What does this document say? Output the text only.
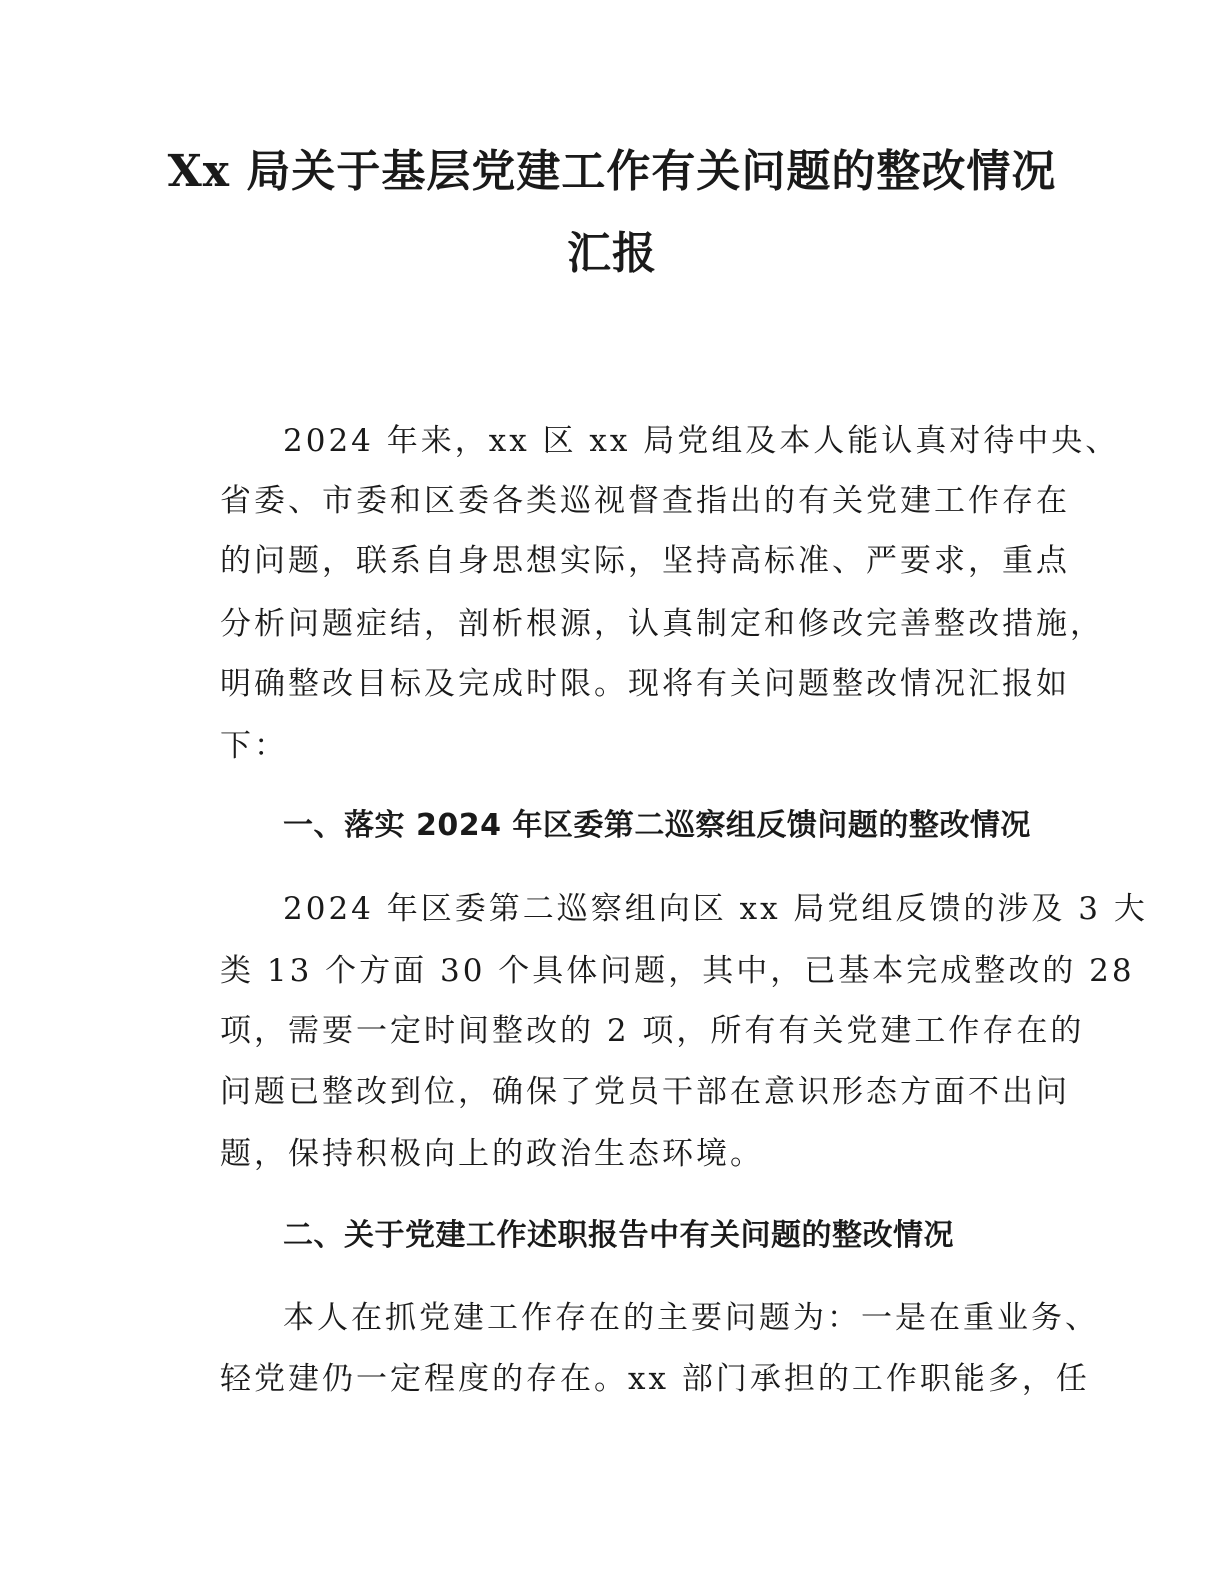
Xx 局关于基层党建工作有关问题的整改情况
汇报
2024 年来，xx 区 xx 局党组及本人能认真对待中央、
省委、市委和区委各类巡视督查指出的有关党建工作存在
的问题，联系自身思想实际，坚持高标准、严要求，重点
分析问题症结，剖析根源，认真制定和修改完善整改措施，
明确整改目标及完成时限。现将有关问题整改情况汇报如
下：
一、落实 2024 年区委第二巡察组反馈问题的整改情况
2024 年区委第二巡察组向区 xx 局党组反馈的涉及 3 大
类 13 个方面 30 个具体问题，其中，已基本完成整改的 28
项，需要一定时间整改的 2 项，所有有关党建工作存在的
问题已整改到位，确保了党员干部在意识形态方面不出问
题，保持积极向上的政治生态环境。
二、关于党建工作述职报告中有关问题的整改情况
本人在抓党建工作存在的主要问题为：一是在重业务、
轻党建仍一定程度的存在。xx 部门承担的工作职能多，任
